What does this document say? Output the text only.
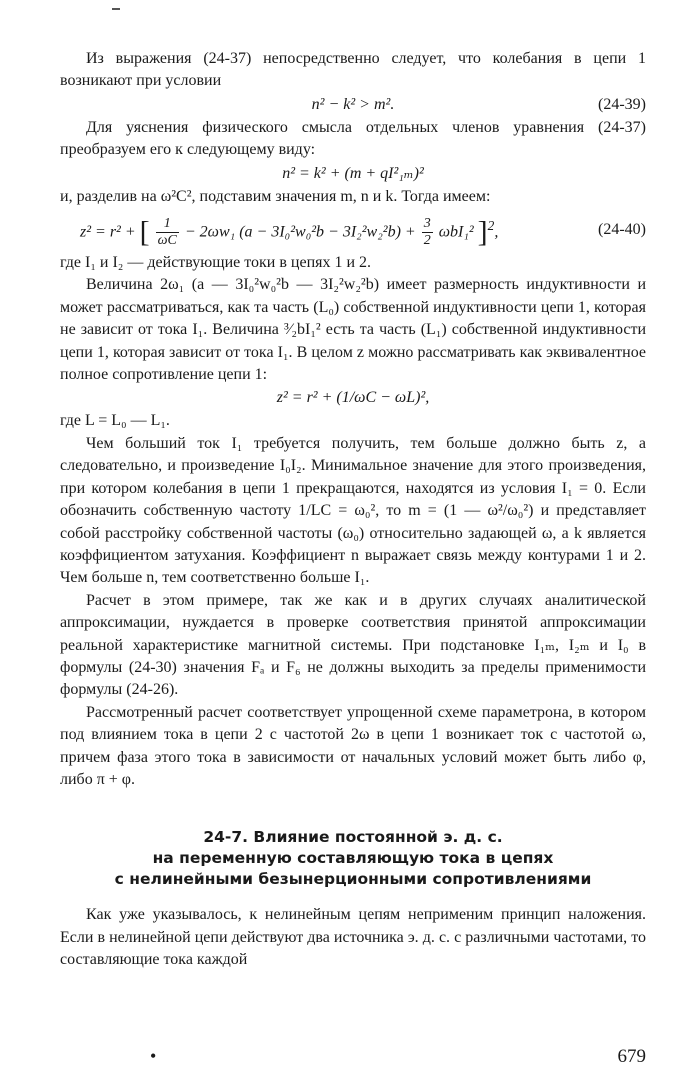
Из выражения (24-37) непосредственно следует, что колебания в цепи 1 возникают при условии

n² − k² > m².	(24-39)

Для уяснения физического смысла отдельных членов уравнения (24-37) преобразуем его к следующему виду:

n² = k² + (m + qI²₁ₘ)²

и, разделив на ω²C², подставим значения m, n и k. Тогда имеем:

z² = r² + [ $\frac{1}{\omega C} - 2\omega w_1$ $(a - 3I_0^2w_0^2b - 3I_2^2w_2^2b) + \frac{3}{2} \omega bI_1^2$ ]$^2$,	(24-40)

где I₁ и I₂ — действующие токи в цепях 1 и 2.

Величина 2ω₁ (a — 3I₀²w₀²b — 3I₂²w₂²b) имеет размерность индуктивности и может рассматриваться, как та часть (L₀) собственной индуктивности цепи 1, которая не зависит от тока I₁. Величина ³⁄₂bI₁² есть та часть (L₁) собственной индуктивности цепи 1, которая зависит от тока I₁. В целом z можно рассматривать как эквивалентное полное сопротивление цепи 1:

z² = r² + (1/ωC − ωL)²,

где L = L₀ — L₁.

Чем больший ток I₁ требуется получить, тем больше должно быть z, а следовательно, и произведение I₀I₂. Минимальное значение для этого произведения, при котором колебания в цепи 1 прекращаются, находятся из условия I₁ = 0. Если обозначить собственную частоту 1/LC = ω₀², то m = (1 — ω²/ω₀²) и представляет собой расстройку собственной частоты (ω₀) относительно задающей ω, а k является коэффициентом затухания. Коэффициент n выражает связь между контурами 1 и 2. Чем больше n, тем соответственно больше I₁.

Расчет в этом примере, так же как и в других случаях аналитической аппроксимации, нуждается в проверке соответствия принятой аппроксимации реальной характеристике магнитной системы. При подстановке I₁ₘ, I₂ₘ и I₀ в формулы (24-30) значения Fₐ и F₆ не должны выходить за пределы применимости формулы (24-26).

Рассмотренный расчет соответствует упрощенной схеме параметрона, в котором под влиянием тока в цепи 2 с частотой 2ω в цепи 1 возникает ток с частотой ω, причем фаза этого тока в зависимости от начальных условий может быть либо φ, либо π + φ.

24-7. Влияние постоянной э. д. с.
на переменную составляющую тока в цепях
с нелинейными безынерционными сопротивлениями

Как уже указывалось, к нелинейным цепям неприменим принцип наложения. Если в нелинейной цепи действуют два источника э. д. с. с различными частотами, то составляющие тока каждой

•	679
